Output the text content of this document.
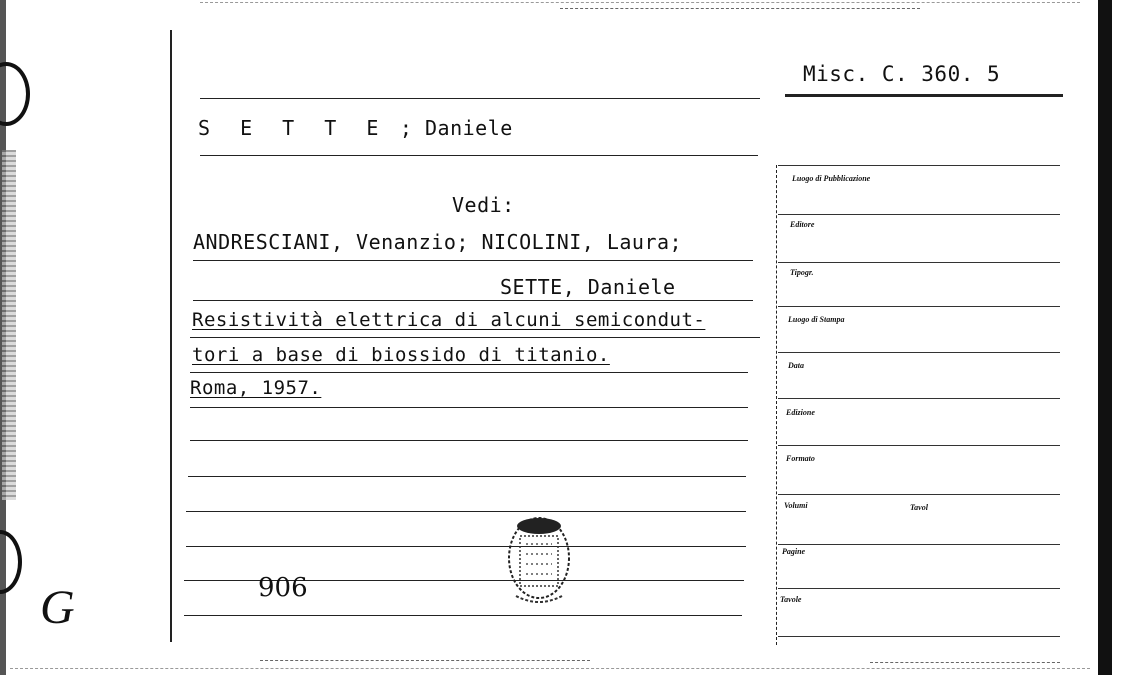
Misc. C. 360. 5
S E T T E ; Daniele
Vedi:
ANDRESCIANI, Venanzio; NICOLINI, Laura;
SETTE, Daniele
Resistività elettrica di alcuni semicondut-
tori a base di biossido di titanio.
Roma, 1957.
906
G
Luogo di Pubblicazione
Editore
Tipogr.
Luogo di Stampa
Data
Edizione
Formato
Volumi	Tavol
Pagine
Tavole
